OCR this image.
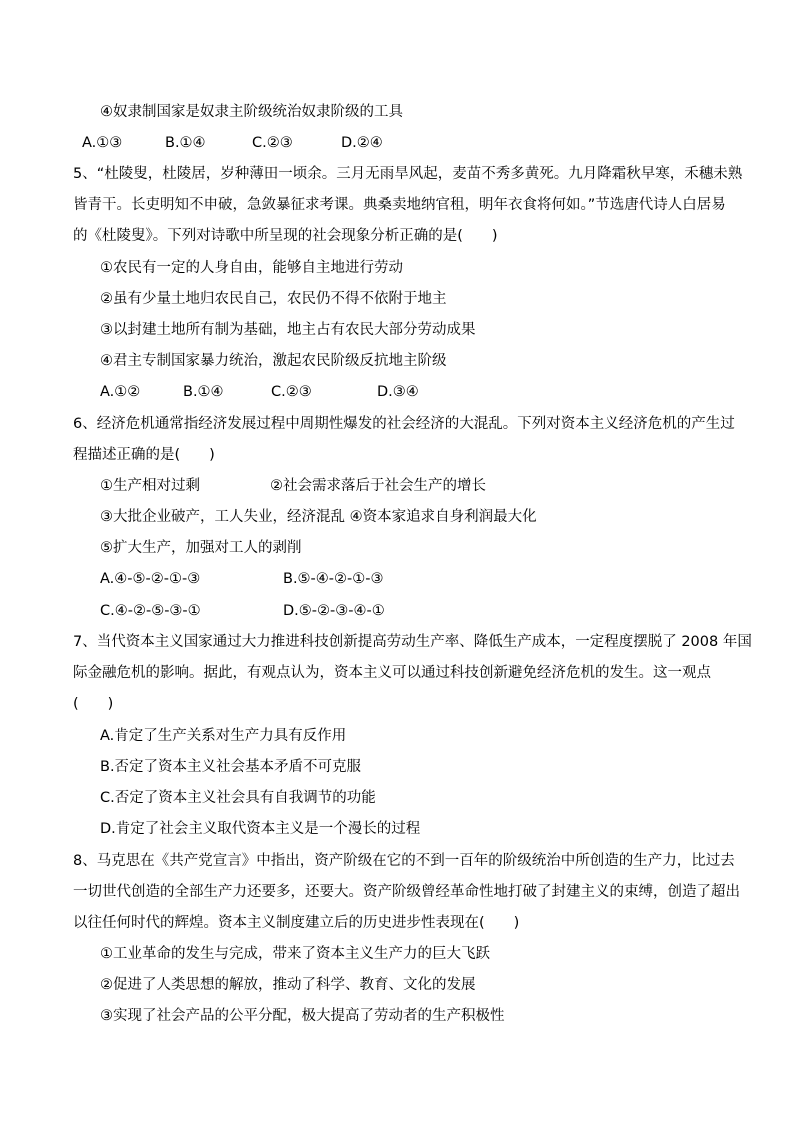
④奴隶制国家是奴隶主阶级统治奴隶阶级的工具
A.①③	B.①④	C.②③	D.②④
5、“杜陵叟，杜陵居，岁种薄田一顷余。三月无雨旱风起，麦苗不秀多黄死。九月降霜秋早寒，禾穗未熟
皆青干。长吏明知不申破，急敛暴征求考课。典桑卖地纳官租，明年衣食将何如。”节选唐代诗人白居易
的《杜陵叟》。下列对诗歌中所呈现的社会现象分析正确的是(　　)
①农民有一定的人身自由，能够自主地进行劳动
②虽有少量土地归农民自己，农民仍不得不依附于地主
③以封建土地所有制为基础，地主占有农民大部分劳动成果
④君主专制国家暴力统治，激起农民阶级反抗地主阶级
A.①②	B.①④	C.②③	D.③④
6、经济危机通常指经济发展过程中周期性爆发的社会经济的大混乱。下列对资本主义经济危机的产生过
程描述正确的是(　　)
①生产相对过剩	②社会需求落后于社会生产的增长
③大批企业破产，工人失业，经济混乱 ④资本家追求自身利润最大化
⑤扩大生产，加强对工人的剥削
A.④-⑤-②-①-③	B.⑤-④-②-①-③
C.④-②-⑤-③-①	D.⑤-②-③-④-①
7、当代资本主义国家通过大力推进科技创新提高劳动生产率、降低生产成本，一定程度摆脱了 2008 年国
际金融危机的影响。据此，有观点认为，资本主义可以通过科技创新避免经济危机的发生。这一观点
(　　)
A.肯定了生产关系对生产力具有反作用
B.否定了资本主义社会基本矛盾不可克服
C.否定了资本主义社会具有自我调节的功能
D.肯定了社会主义取代资本主义是一个漫长的过程
8、马克思在《共产党宣言》中指出，资产阶级在它的不到一百年的阶级统治中所创造的生产力，比过去
一切世代创造的全部生产力还要多，还要大。资产阶级曾经革命性地打破了封建主义的束缚，创造了超出
以往任何时代的辉煌。资本主义制度建立后的历史进步性表现在(　　)
①工业革命的发生与完成，带来了资本主义生产力的巨大飞跃
②促进了人类思想的解放，推动了科学、教育、文化的发展
③实现了社会产品的公平分配，极大提高了劳动者的生产积极性
